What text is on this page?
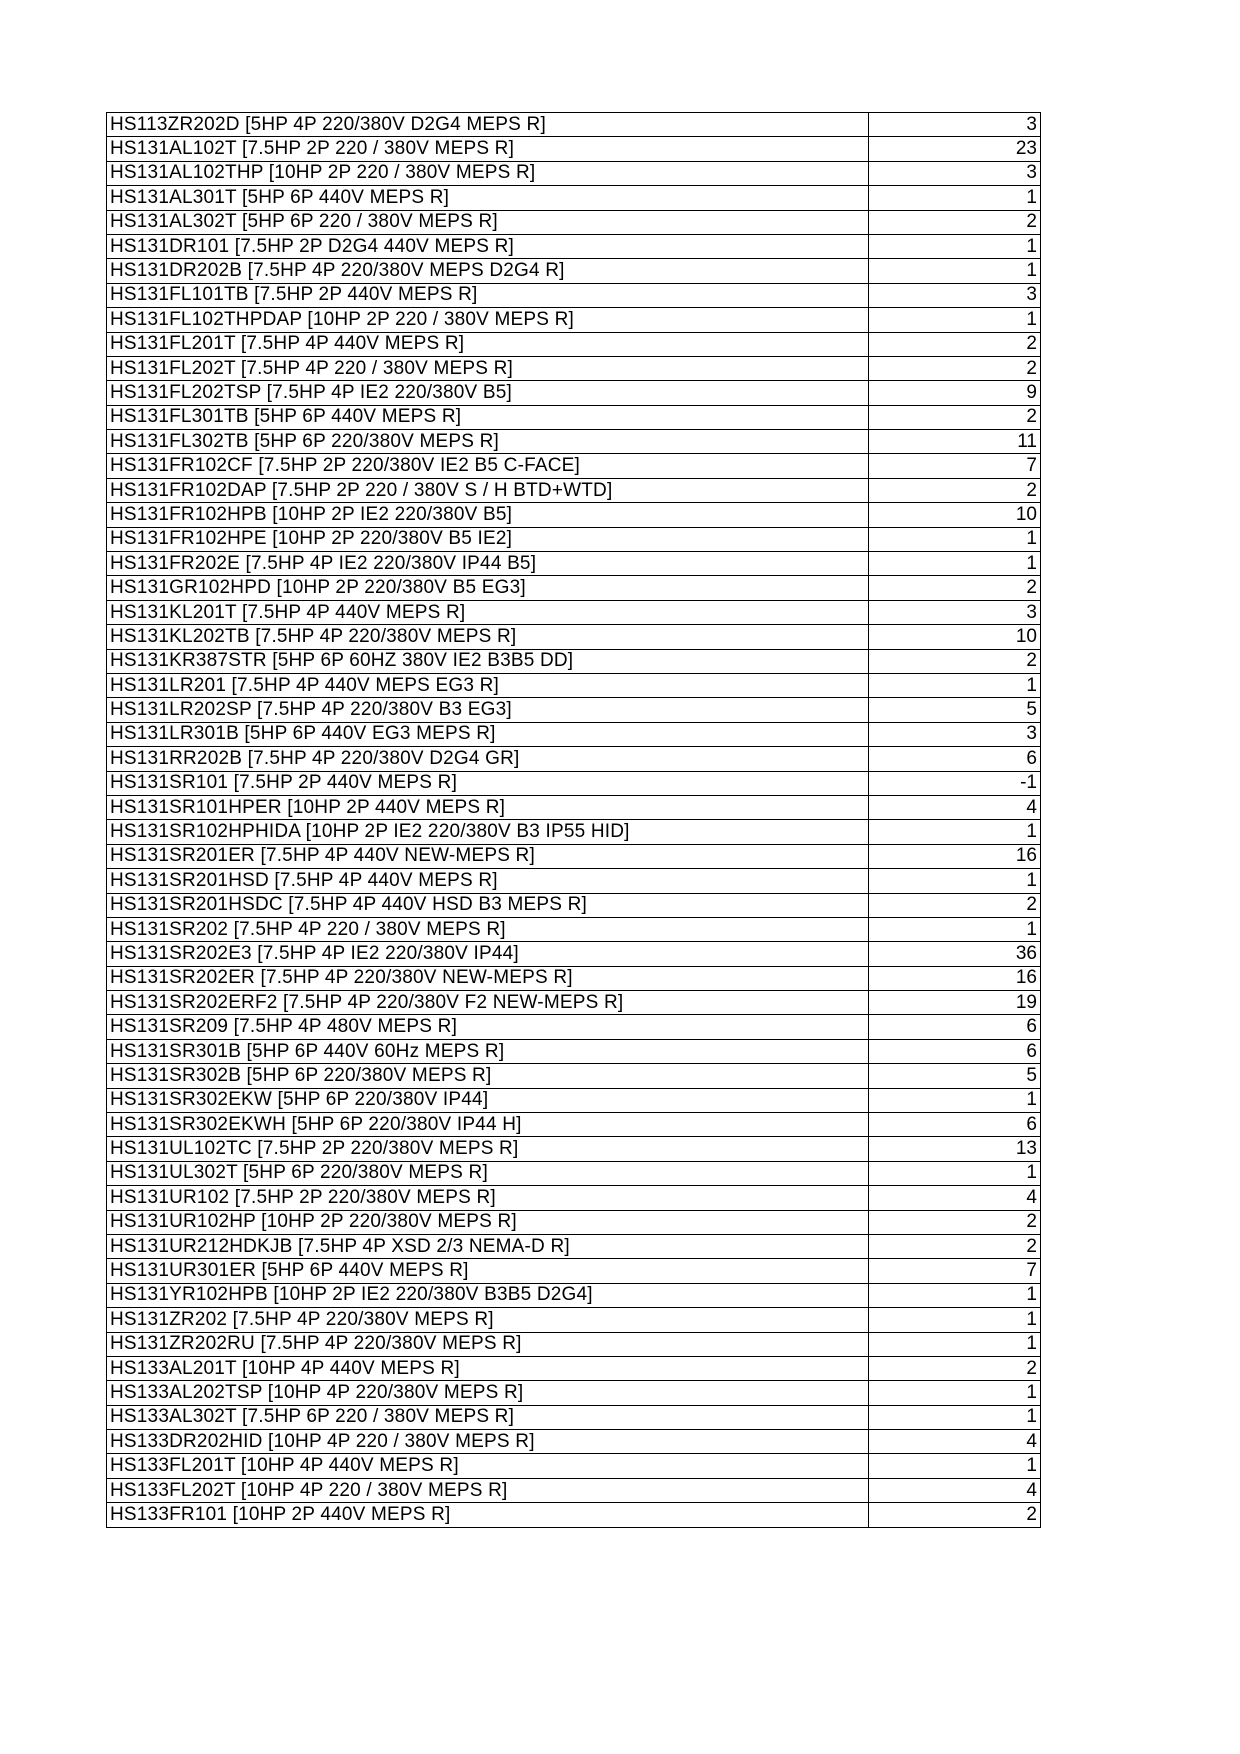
HS113ZR202D [5HP 4P 220/380V D2G4 MEPS R]	3
HS131AL102T [7.5HP 2P 220 / 380V MEPS R]	23
HS131AL102THP [10HP 2P 220 / 380V MEPS R]	3
HS131AL301T [5HP 6P 440V MEPS R]	1
HS131AL302T [5HP 6P 220 / 380V MEPS R]	2
HS131DR101 [7.5HP 2P D2G4 440V MEPS R]	1
HS131DR202B [7.5HP 4P 220/380V MEPS D2G4 R]	1
HS131FL101TB [7.5HP 2P 440V MEPS R]	3
HS131FL102THPDAP [10HP 2P 220 / 380V MEPS R]	1
HS131FL201T [7.5HP 4P 440V MEPS R]	2
HS131FL202T [7.5HP 4P 220 / 380V MEPS R]	2
HS131FL202TSP [7.5HP 4P IE2 220/380V B5]	9
HS131FL301TB [5HP 6P 440V MEPS R]	2
HS131FL302TB [5HP 6P 220/380V MEPS R]	11
HS131FR102CF [7.5HP 2P 220/380V IE2 B5 C-FACE]	7
HS131FR102DAP [7.5HP 2P 220 / 380V S / H BTD+WTD]	2
HS131FR102HPB [10HP 2P IE2 220/380V B5]	10
HS131FR102HPE [10HP 2P 220/380V B5 IE2]	1
HS131FR202E [7.5HP 4P IE2 220/380V IP44 B5]	1
HS131GR102HPD [10HP 2P 220/380V B5 EG3]	2
HS131KL201T [7.5HP 4P 440V MEPS R]	3
HS131KL202TB [7.5HP 4P 220/380V MEPS R]	10
HS131KR387STR [5HP 6P 60HZ 380V IE2 B3B5 DD]	2
HS131LR201 [7.5HP 4P 440V MEPS EG3 R]	1
HS131LR202SP [7.5HP 4P 220/380V B3 EG3]	5
HS131LR301B [5HP 6P 440V EG3 MEPS R]	3
HS131RR202B [7.5HP 4P 220/380V D2G4 GR]	6
HS131SR101 [7.5HP 2P 440V MEPS R]	-1
HS131SR101HPER [10HP 2P 440V MEPS R]	4
HS131SR102HPHIDA [10HP 2P IE2 220/380V B3 IP55 HID]	1
HS131SR201ER [7.5HP 4P 440V NEW-MEPS R]	16
HS131SR201HSD [7.5HP 4P 440V MEPS R]	1
HS131SR201HSDC [7.5HP 4P 440V HSD B3 MEPS R]	2
HS131SR202 [7.5HP 4P 220 / 380V MEPS R]	1
HS131SR202E3 [7.5HP 4P IE2 220/380V IP44]	36
HS131SR202ER [7.5HP 4P 220/380V NEW-MEPS R]	16
HS131SR202ERF2 [7.5HP 4P 220/380V F2 NEW-MEPS R]	19
HS131SR209 [7.5HP 4P 480V MEPS R]	6
HS131SR301B [5HP 6P 440V 60Hz MEPS R]	6
HS131SR302B [5HP 6P 220/380V MEPS R]	5
HS131SR302EKW [5HP 6P 220/380V IP44]	1
HS131SR302EKWH [5HP 6P 220/380V IP44 H]	6
HS131UL102TC [7.5HP 2P 220/380V MEPS R]	13
HS131UL302T [5HP 6P 220/380V MEPS R]	1
HS131UR102 [7.5HP 2P 220/380V MEPS R]	4
HS131UR102HP [10HP 2P 220/380V MEPS R]	2
HS131UR212HDKJB [7.5HP 4P XSD 2/3 NEMA-D R]	2
HS131UR301ER [5HP 6P 440V MEPS R]	7
HS131YR102HPB [10HP 2P IE2 220/380V B3B5 D2G4]	1
HS131ZR202 [7.5HP 4P 220/380V MEPS R]	1
HS131ZR202RU [7.5HP 4P 220/380V MEPS R]	1
HS133AL201T [10HP 4P 440V MEPS R]	2
HS133AL202TSP [10HP 4P 220/380V MEPS R]	1
HS133AL302T [7.5HP 6P 220 / 380V MEPS R]	1
HS133DR202HID [10HP 4P 220 / 380V MEPS R]	4
HS133FL201T [10HP 4P 440V MEPS R]	1
HS133FL202T [10HP 4P 220 / 380V MEPS R]	4
HS133FR101 [10HP 2P 440V MEPS R]	2
